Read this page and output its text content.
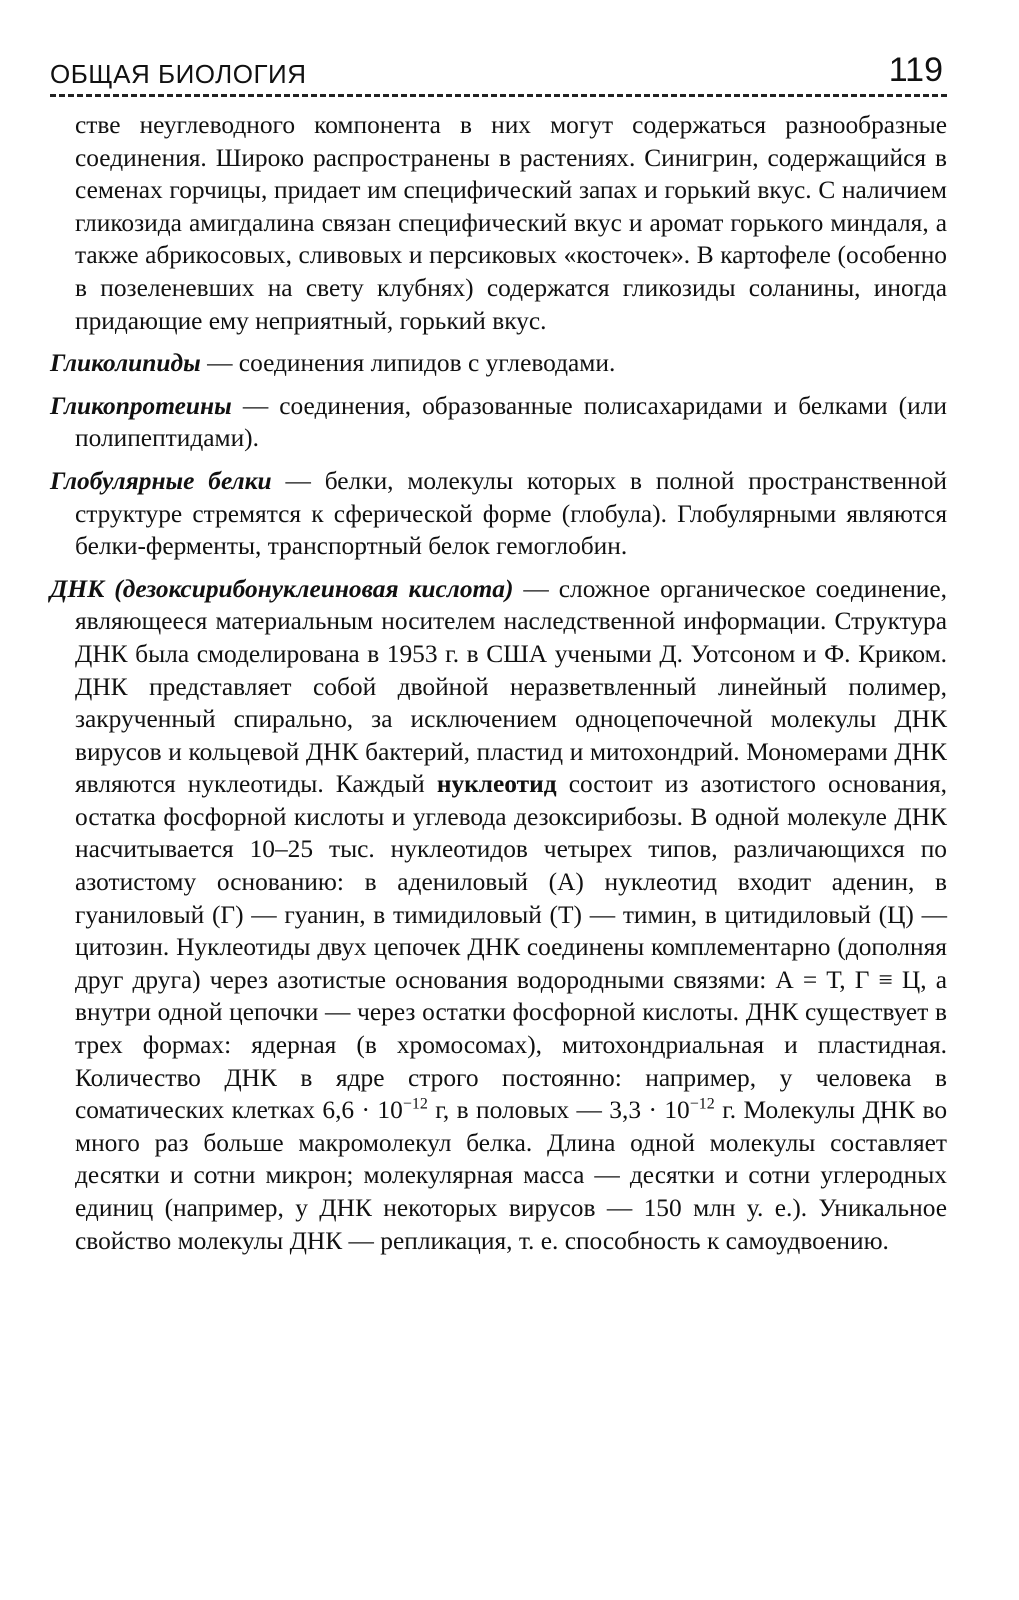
ОБЩАЯ БИОЛОГИЯ	119

стве неуглеводного компонента в них могут содержаться разнообразные соединения. Широко распространены в растениях. Синигрин, содержащийся в семенах горчицы, придает им специфический запах и горький вкус. С наличием гликозида амигдалина связан специфический вкус и аромат горького миндаля, а также абрикосовых, сливовых и персиковых «косточек». В картофеле (особенно в позеленевших на свету клубнях) содержатся гликозиды соланины, иногда придающие ему неприятный, горький вкус.

Гликолипиды — соединения липидов с углеводами.

Гликопротеины — соединения, образованные полисахаридами и белками (или полипептидами).

Глобулярные белки — белки, молекулы которых в полной пространственной структуре стремятся к сферической форме (глобула). Глобулярными являются белки-ферменты, транспортный белок гемоглобин.

ДНК (дезоксирибонуклеиновая кислота) — сложное органическое соединение, являющееся материальным носителем наследственной информации. Структура ДНК была смоделирована в 1953 г. в США учеными Д. Уотсоном и Ф. Криком. ДНК представляет собой двойной неразветвленный линейный полимер, закрученный спирально, за исключением одноцепочечной молекулы ДНК вирусов и кольцевой ДНК бактерий, пластид и митохондрий. Мономерами ДНК являются нуклеотиды. Каждый нуклеотид состоит из азотистого основания, остатка фосфорной кислоты и углевода дезоксирибозы. В одной молекуле ДНК насчитывается 10–25 тыс. нуклеотидов четырех типов, различающихся по азотистому основанию: в адениловый (А) нуклеотид входит аденин, в гуаниловый (Г) — гуанин, в тимидиловый (Т) — тимин, в цитидиловый (Ц) — цитозин. Нуклеотиды двух цепочек ДНК соединены комплементарно (дополняя друг друга) через азотистые основания водородными связями: А = Т, Г ≡ Ц, а внутри одной цепочки — через остатки фосфорной кислоты. ДНК существует в трех формах: ядерная (в хромосомах), митохондриальная и пластидная. Количество ДНК в ядре строго постоянно: например, у человека в соматических клетках $6,6 \cdot 10^{-12}$ г, в половых — $3,3 \cdot 10^{-12}$ г. Молекулы ДНК во много раз больше макромолекул белка. Длина одной молекулы составляет десятки и сотни микрон; молекулярная масса — десятки и сотни углеродных единиц (например, у ДНК некоторых вирусов — 150 млн у. е.). Уникальное свойство молекулы ДНК — репликация, т. е. способность к самоудвоению.
